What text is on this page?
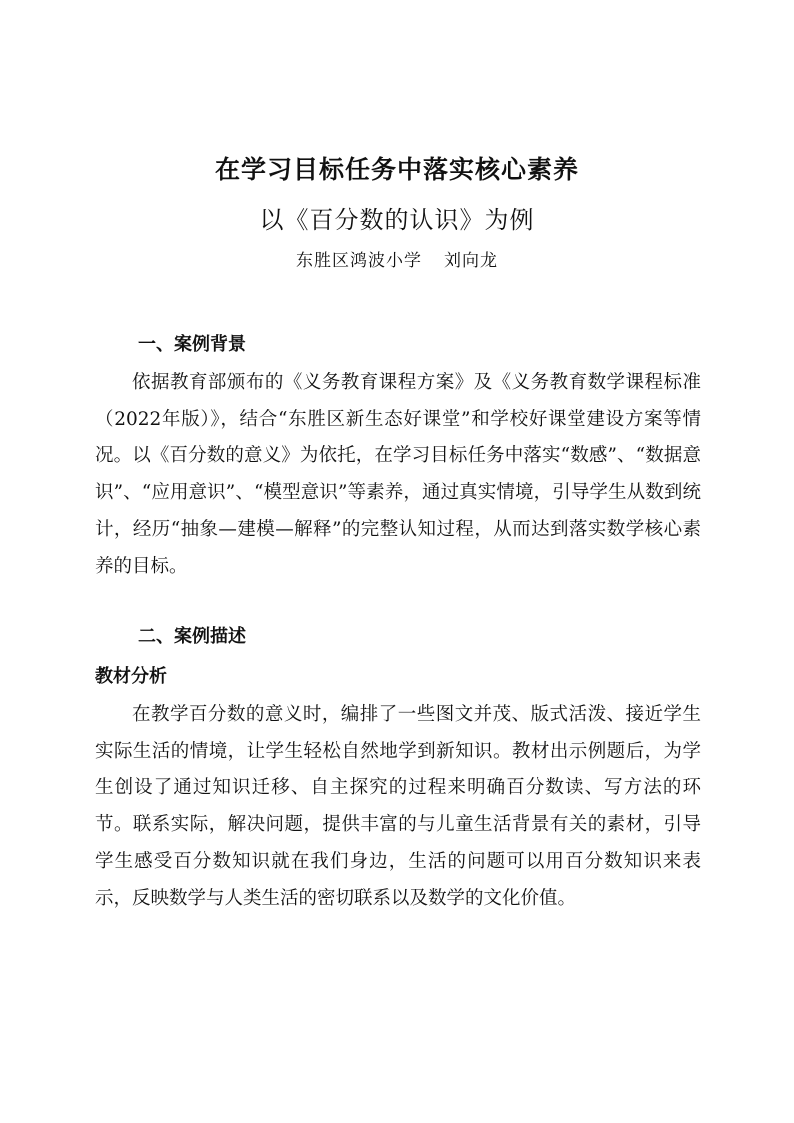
在学习目标任务中落实核心素养
以《百分数的认识》为例
东胜区鸿波小学 刘向龙
一、案例背景

依据教育部颁布的《义务教育课程方案》及《义务教育数学课程标准（2022年版）》，结合“东胜区新生态好课堂”和学校好课堂建设方案等情况。以《百分数的意义》为依托，在学习目标任务中落实“数感”、“数据意识”、“应用意识”、“模型意识”等素养，通过真实情境，引导学生从数到统计，经历“抽象—建模—解释”的完整认知过程，从而达到落实数学核心素养的目标。

二、案例描述
教材分析

在教学百分数的意义时，编排了一些图文并茂、版式活泼、接近学生实际生活的情境，让学生轻松自然地学到新知识。教材出示例题后，为学生创设了通过知识迁移、自主探究的过程来明确百分数读、写方法的环节。联系实际，解决问题，提供丰富的与儿童生活背景有关的素材，引导学生感受百分数知识就在我们身边，生活的问题可以用百分数知识来表示，反映数学与人类生活的密切联系以及数学的文化价值。
